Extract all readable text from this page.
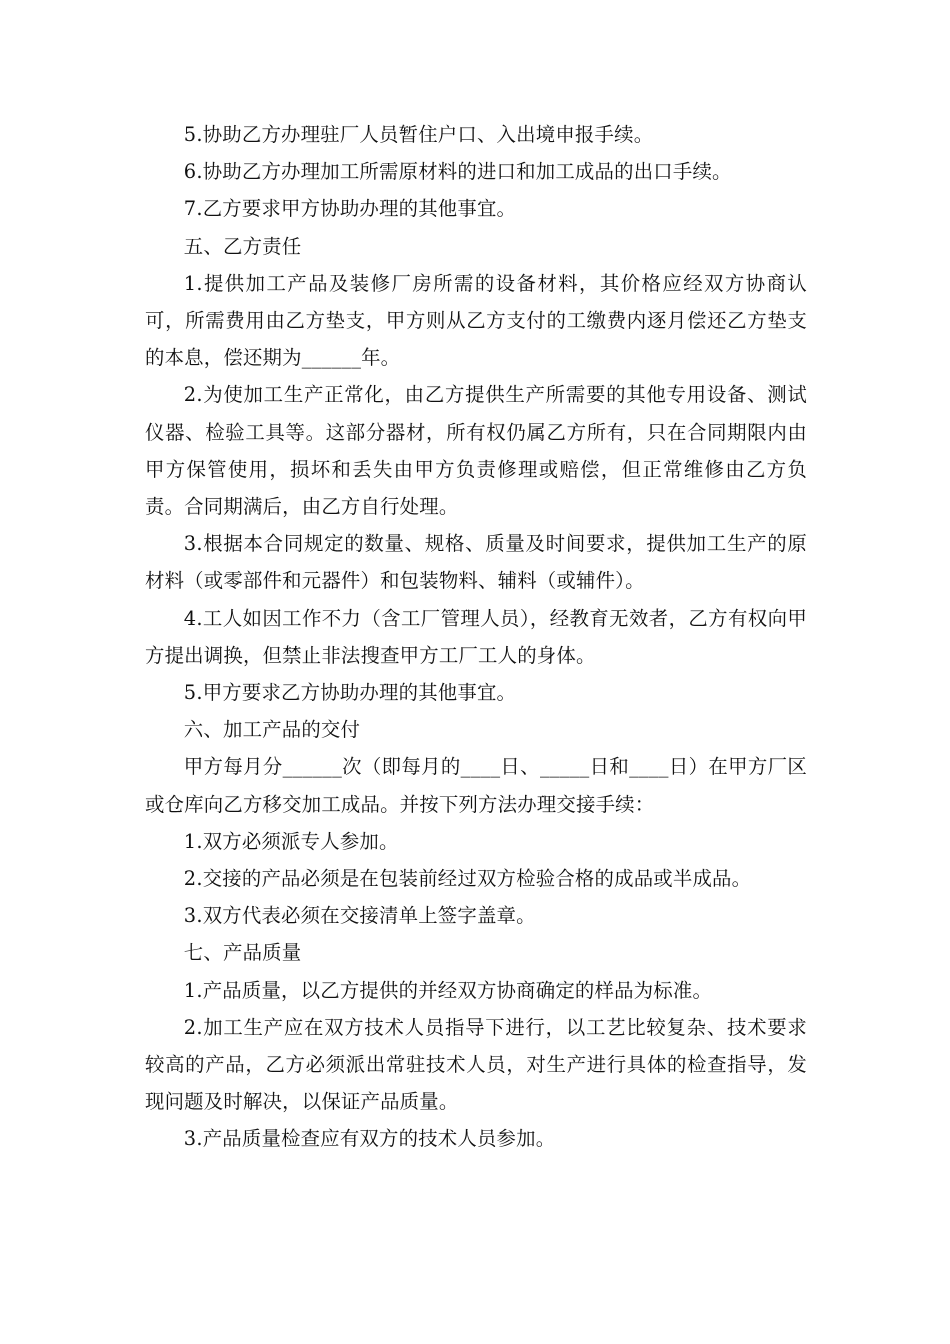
5.协助乙方办理驻厂人员暂住户口、入出境申报手续。

6.协助乙方办理加工所需原材料的进口和加工成品的出口手续。

7.乙方要求甲方协助办理的其他事宜。

五、乙方责任

1.提供加工产品及装修厂房所需的设备材料，其价格应经双方协商认可，所需费用由乙方垫支，甲方则从乙方支付的工缴费内逐月偿还乙方垫支的本息，偿还期为______年。

2.为使加工生产正常化，由乙方提供生产所需要的其他专用设备、测试仪器、检验工具等。这部分器材，所有权仍属乙方所有，只在合同期限内由甲方保管使用，损坏和丢失由甲方负责修理或赔偿，但正常维修由乙方负责。合同期满后，由乙方自行处理。

3.根据本合同规定的数量、规格、质量及时间要求，提供加工生产的原材料（或零部件和元器件）和包装物料、辅料（或辅件）。

4.工人如因工作不力（含工厂管理人员），经教育无效者，乙方有权向甲方提出调换，但禁止非法搜查甲方工厂工人的身体。

5.甲方要求乙方协助办理的其他事宜。

六、加工产品的交付

甲方每月分______次（即每月的____日、_____日和____日）在甲方厂区或仓库向乙方移交加工成品。并按下列方法办理交接手续：

1.双方必须派专人参加。

2.交接的产品必须是在包装前经过双方检验合格的成品或半成品。

3.双方代表必须在交接清单上签字盖章。

七、产品质量

1.产品质量，以乙方提供的并经双方协商确定的样品为标准。

2.加工生产应在双方技术人员指导下进行，以工艺比较复杂、技术要求较高的产品，乙方必须派出常驻技术人员，对生产进行具体的检查指导，发现问题及时解决，以保证产品质量。

3.产品质量检查应有双方的技术人员参加。
